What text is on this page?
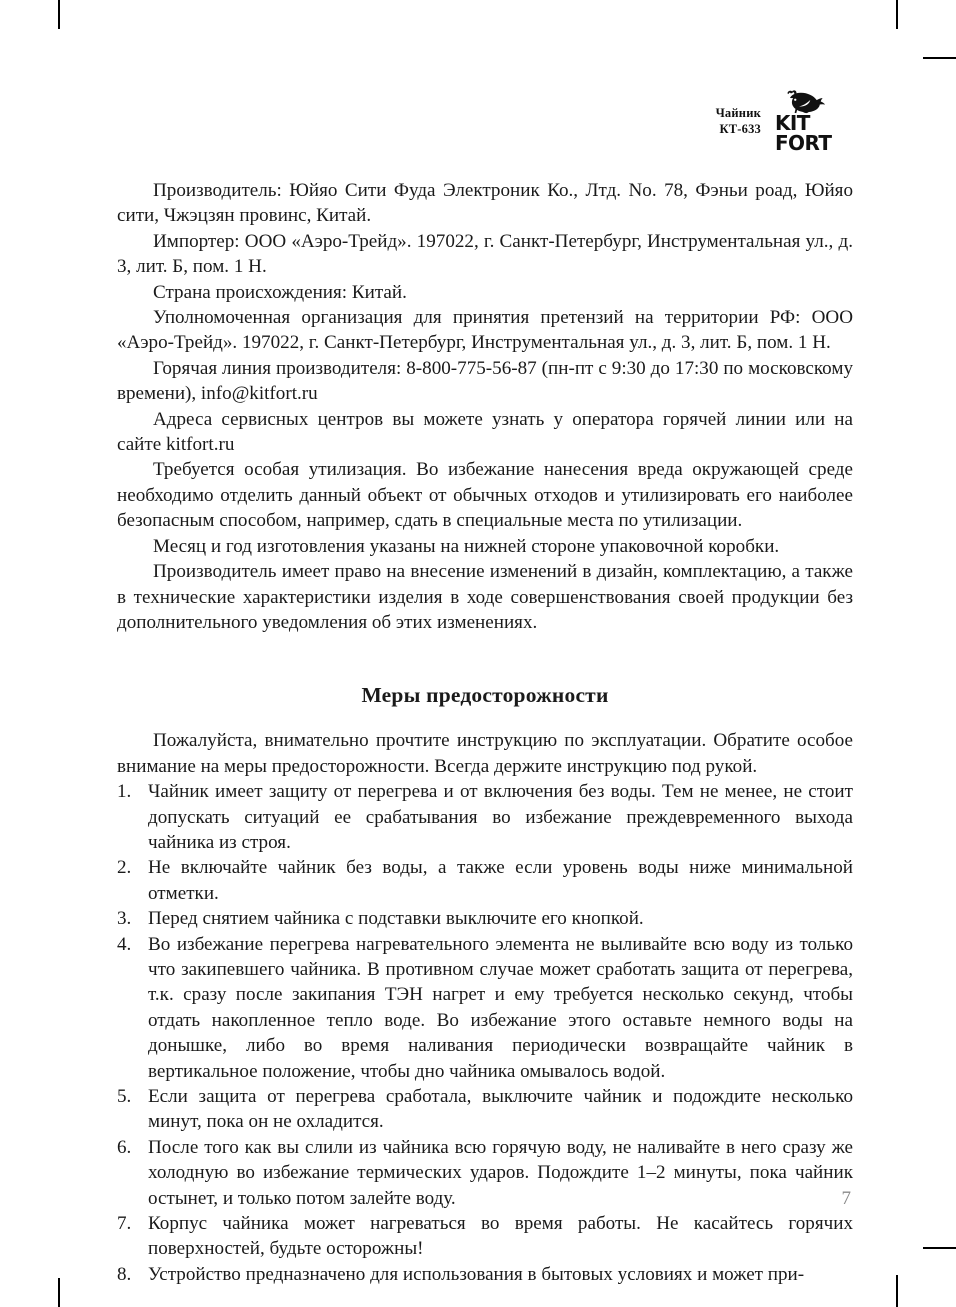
Чайник
КТ-633 KIT
FORT

Производитель: Юйяо Сити Фуда Электроник Ко., Лтд. No. 78, Фэньи роад, Юйяо сити, Чжэцзян провинс, Китай.

Импортер: ООО «Аэро-Трейд». 197022, г. Санкт-Петербург, Инструментальная ул., д. 3, лит. Б, пом. 1 Н.

Страна происхождения: Китай.

Уполномоченная организация для принятия претензий на территории РФ: ООО «Аэро-Трейд». 197022, г. Санкт-Петербург, Инструментальная ул., д. 3, лит. Б, пом. 1 Н.

Горячая линия производителя: 8-800-775-56-87 (пн-пт с 9:30 до 17:30 по московскому времени), info@kitfort.ru

Адреса сервисных центров вы можете узнать у оператора горячей линии или на сайте kitfort.ru

Требуется особая утилизация. Во избежание нанесения вреда окружающей среде необходимо отделить данный объект от обычных отходов и утилизировать его наиболее безопасным способом, например, сдать в специальные места по утилизации.

Месяц и год изготовления указаны на нижней стороне упаковочной коробки.

Производитель имеет право на внесение изменений в дизайн, комплектацию, а также в технические характеристики изделия в ходе совершенствования своей продукции без дополнительного уведомления об этих изменениях.

Меры предосторожности

Пожалуйста, внимательно прочтите инструкцию по эксплуатации. Обратите особое внимание на меры предосторожности. Всегда держите инструкцию под рукой.

1. Чайник имеет защиту от перегрева и от включения без воды. Тем не менее, не стоит допускать ситуаций ее срабатывания во избежание преждевременного выхода чайника из строя.
2. Не включайте чайник без воды, а также если уровень воды ниже минимальной отметки.
3. Перед снятием чайника с подставки выключите его кнопкой.
4. Во избежание перегрева нагревательного элемента не выливайте всю воду из только что закипевшего чайника. В противном случае может сработать защита от перегрева, т.к. сразу после закипания ТЭН нагрет и ему требуется несколько секунд, чтобы отдать накопленное тепло воде. Во избежание этого оставьте немного воды на донышке, либо во время наливания периодически возвращайте чайник в вертикальное положение, чтобы дно чайника омывалось водой.
5. Если защита от перегрева сработала, выключите чайник и подождите несколько минут, пока он не охладится.
6. После того как вы слили из чайника всю горячую воду, не наливайте в него сразу же холодную во избежание термических ударов. Подождите 1–2 минуты, пока чайник остынет, и только потом залейте воду.
7. Корпус чайника может нагреваться во время работы. Не касайтесь горячих поверхностей, будьте осторожны!
8. Устройство предназначено для использования в бытовых условиях и может при-
7
